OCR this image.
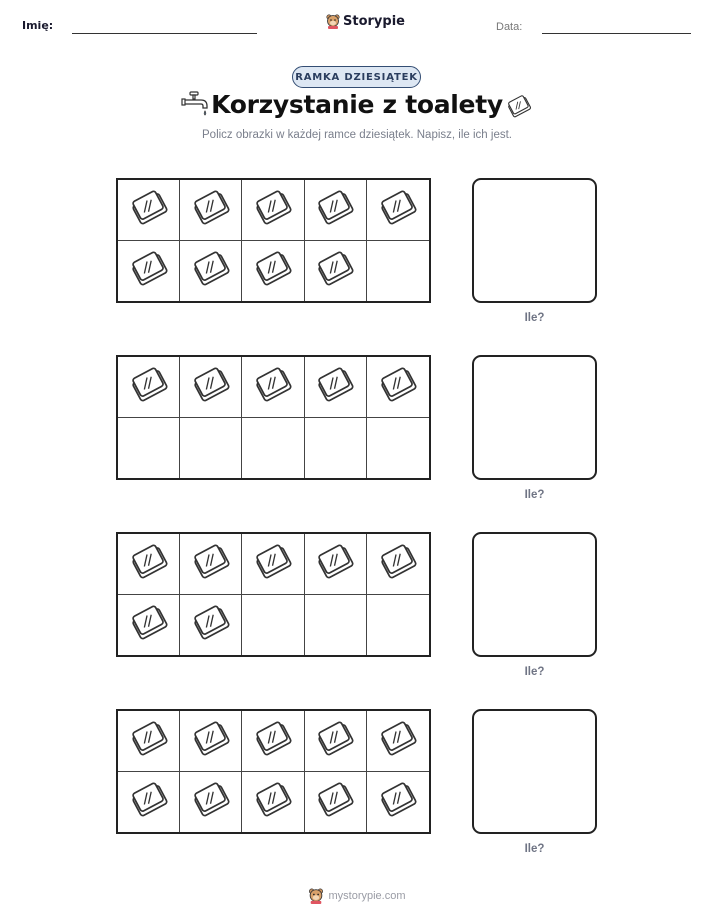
Imię:	Storypie	Data:
RAMKA DZIESIĄTEK
Korzystanie z toalety
Policz obrazki w każdej ramce dziesiątek. Napisz, ile ich jest.
Ile?
Ile?
Ile?
Ile?
mystorypie.com
